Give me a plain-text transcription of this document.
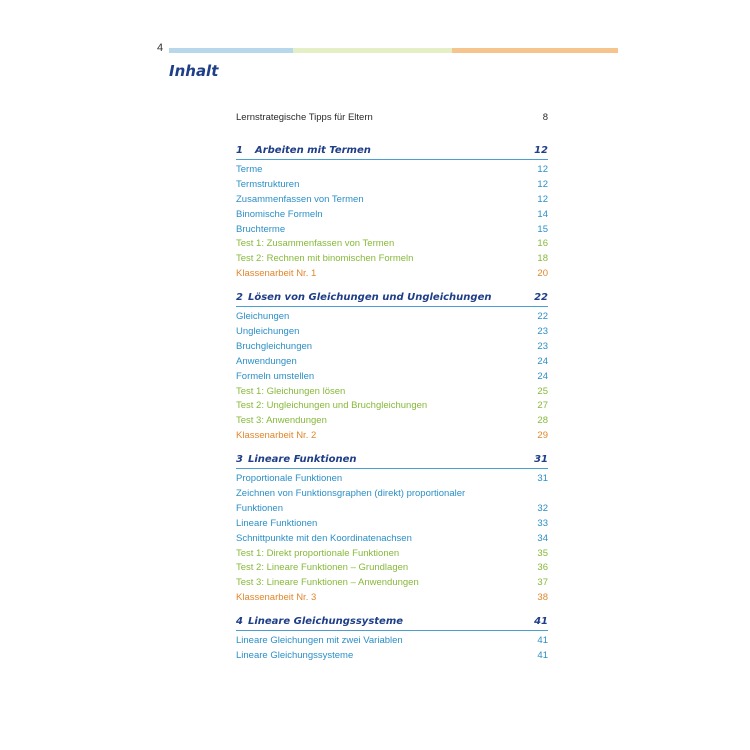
4
Inhalt
Lernstrategische Tipps für Eltern	8
1 Arbeiten mit Termen	12
Terme	12
Termstrukturen	12
Zusammenfassen von Termen	12
Binomische Formeln	14
Bruchterme	15
Test 1: Zusammenfassen von Termen	16
Test 2: Rechnen mit binomischen Formeln	18
Klassenarbeit Nr. 1	20
2 Lösen von Gleichungen und Ungleichungen	22
Gleichungen	22
Ungleichungen	23
Bruchgleichungen	23
Anwendungen	24
Formeln umstellen	24
Test 1: Gleichungen lösen	25
Test 2: Ungleichungen und Bruchgleichungen	27
Test 3: Anwendungen	28
Klassenarbeit Nr. 2	29
3 Lineare Funktionen	31
Proportionale Funktionen	31
Zeichnen von Funktionsgraphen (direkt) proportionaler
Funktionen	32
Lineare Funktionen	33
Schnittpunkte mit den Koordinatenachsen	34
Test 1: Direkt proportionale Funktionen	35
Test 2: Lineare Funktionen – Grundlagen	36
Test 3: Lineare Funktionen – Anwendungen	37
Klassenarbeit Nr. 3	38
4 Lineare Gleichungssysteme	41
Lineare Gleichungen mit zwei Variablen	41
Lineare Gleichungssysteme	41
